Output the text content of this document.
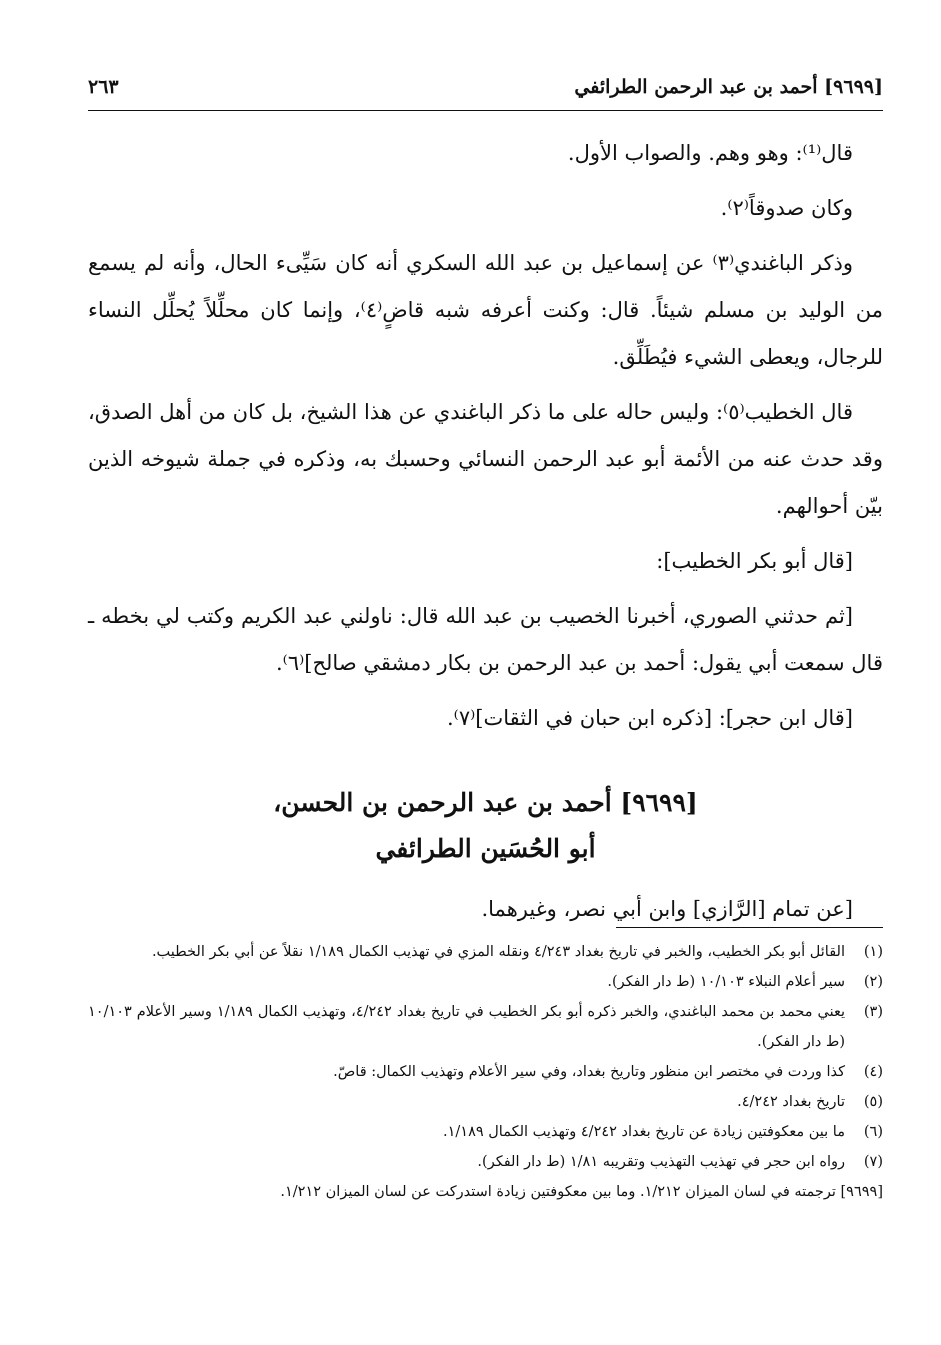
[٩٦٩٩] أحمد بن عبد الرحمن الطرائفي
٢٦٣

قال⁽¹⁾: وهو وهم. والصواب الأول.

وكان صدوقاً⁽٢⁾.

وذكر الباغندي⁽٣⁾ عن إسماعيل بن عبد الله السكري أنه كان سَيِّىء الحال، وأنه لم يسمع من الوليد بن مسلم شيئاً. قال: وكنت أعرفه شبه قاضٍ⁽٤⁾، وإنما كان محلِّلاً يُحلِّل النساء للرجال، ويعطى الشيء فيُطَلِّق.

قال الخطيب⁽٥⁾: وليس حاله على ما ذكر الباغندي عن هذا الشيخ، بل كان من أهل الصدق، وقد حدث عنه من الأئمة أبو عبد الرحمن النسائي وحسبك به، وذكره في جملة شيوخه الذين بيّن أحوالهم.

[قال أبو بكر الخطيب]:

[ثم حدثني الصوري، أخبرنا الخصيب بن عبد الله قال: ناولني عبد الكريم وكتب لي بخطه ـ قال سمعت أبي يقول: أحمد بن عبد الرحمن بن بكار دمشقي صالح]⁽٦⁾.

[قال ابن حجر]: [ذكره ابن حبان في الثقات]⁽٧⁾.

[٩٦٩٩] أحمد بن عبد الرحمن بن الحسن،
أبو الحُسَين الطرائفي

[عن تمام [الرَّازي] وابن أبي نصر، وغيرهما.

(١)
القائل أبو بكر الخطيب، والخبر في تاريخ بغداد ٤/٢٤٣ ونقله المزي في تهذيب الكمال ١/١٨٩ نقلاً عن أبي بكر الخطيب.
(٢)
سير أعلام النبلاء ١٠/١٠٣ (ط دار الفكر).
(٣)
يعني محمد بن محمد الباغندي، والخبر ذكره أبو بكر الخطيب في تاريخ بغداد ٤/٢٤٢، وتهذيب الكمال ١/١٨٩ وسير الأعلام ١٠/١٠٣ (ط دار الفكر).
(٤)
كذا وردت في مختصر ابن منظور وتاريخ بغداد، وفي سير الأعلام وتهذيب الكمال: قاصّ.
(٥)
تاريخ بغداد ٤/٢٤٢.
(٦)
ما بين معكوفتين زيادة عن تاريخ بغداد ٤/٢٤٢ وتهذيب الكمال ١/١٨٩.
(٧)
رواه ابن حجر في تهذيب التهذيب وتقريبه ١/٨١ (ط دار الفكر).
[٩٦٩٩] ترجمته في لسان الميزان ١/٢١٢. وما بين معكوفتين زيادة استدركت عن لسان الميزان ١/٢١٢.
